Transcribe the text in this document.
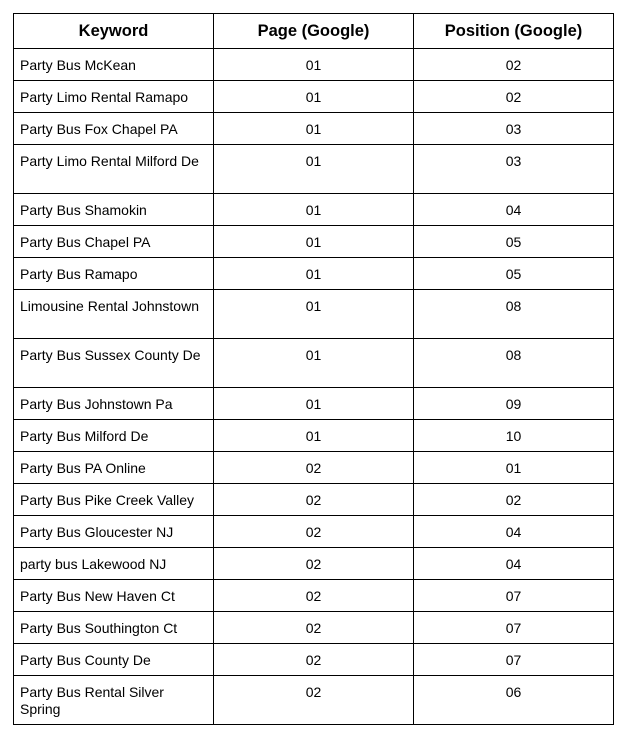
Keyword	Page (Google)	Position (Google)
Party Bus McKean	01	02
Party Limo Rental Ramapo	01	02
Party Bus Fox Chapel PA	01	03
Party Limo Rental Milford De	01	03
Party Bus Shamokin	01	04
Party Bus Chapel PA	01	05
Party Bus Ramapo	01	05
Limousine Rental Johnstown	01	08
Party Bus Sussex County De	01	08
Party Bus Johnstown Pa	01	09
Party Bus Milford De	01	10
Party Bus PA Online	02	01
Party Bus Pike Creek Valley	02	02
Party Bus Gloucester NJ	02	04
party bus Lakewood NJ	02	04
Party Bus New Haven Ct	02	07
Party Bus Southington Ct	02	07
Party Bus County De	02	07
Party Bus Rental Silver Spring	02	06
